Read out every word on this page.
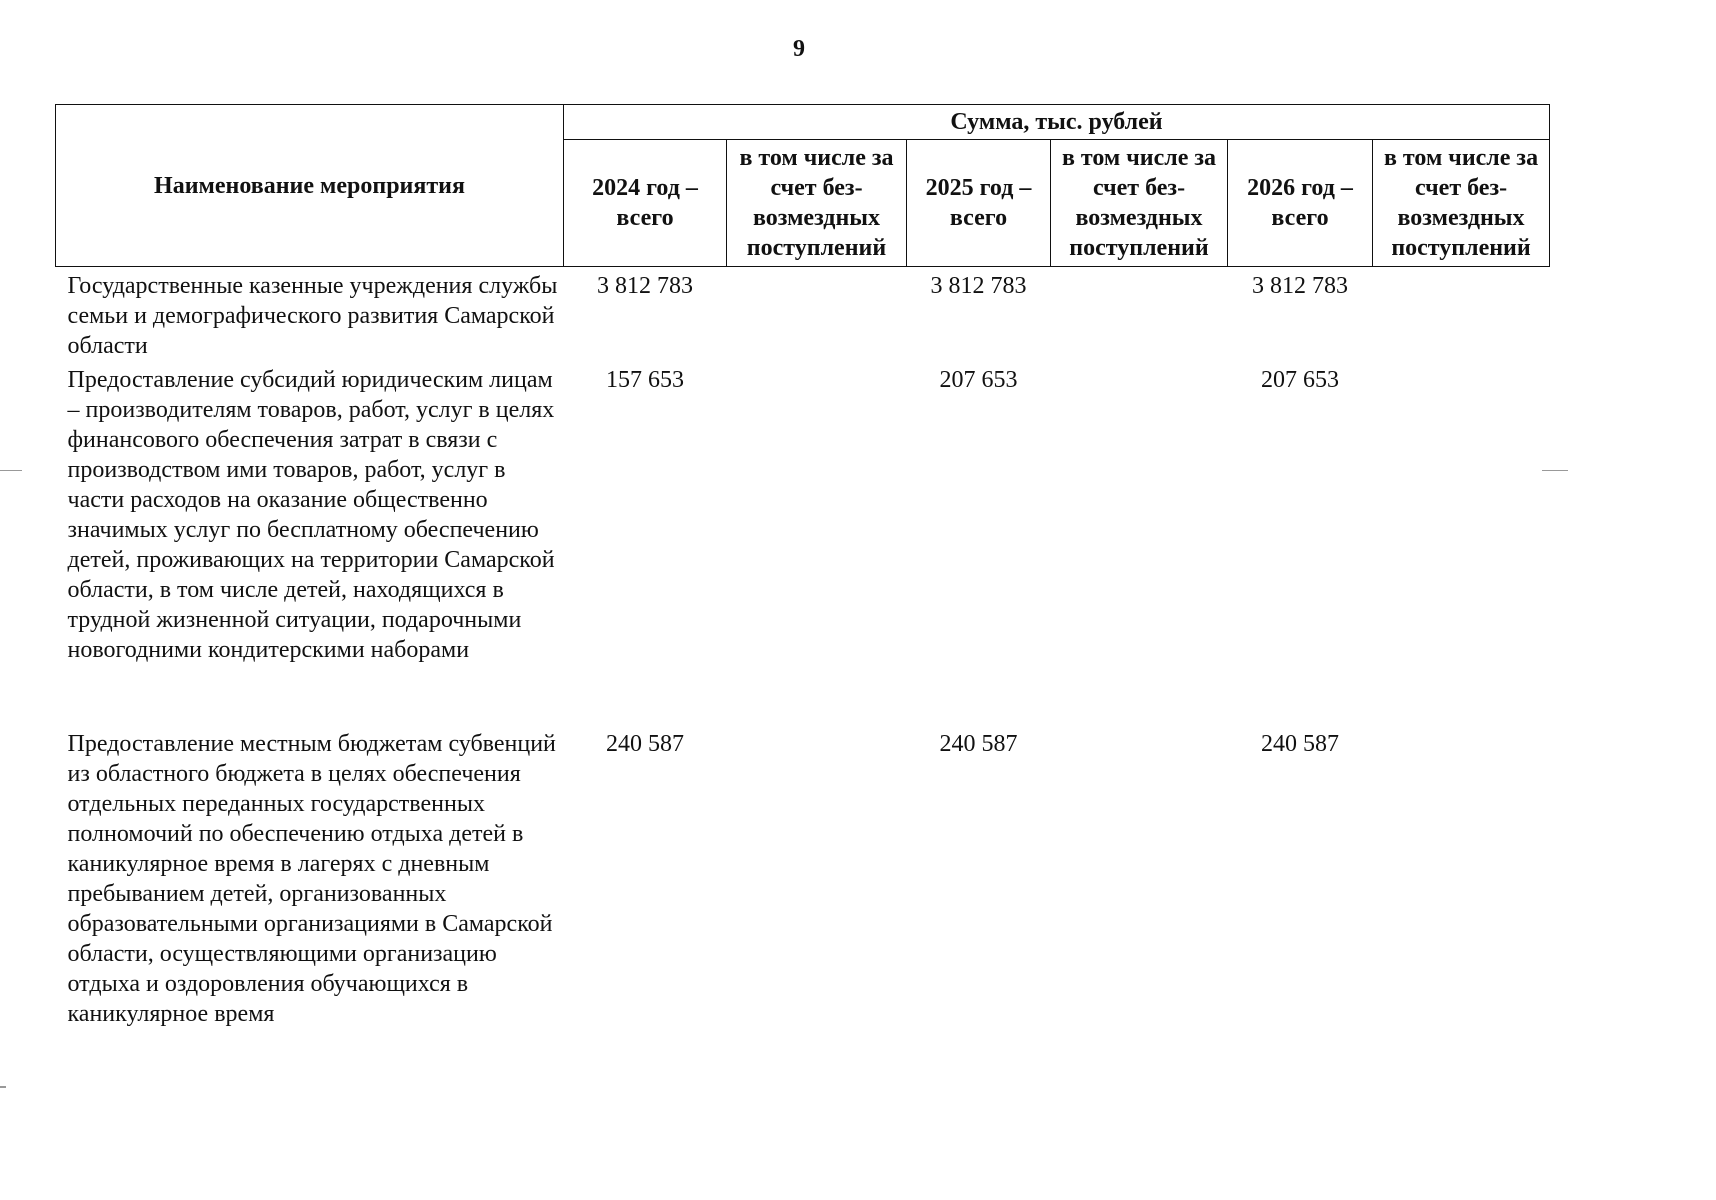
9
Наименование мероприятия	Сумма, тыс. рублей					
	2024 год – всего	в том числе за счет без-возмездных поступлений	2025 год – всего	в том числе за счет без-возмездных поступлений	2026 год – всего	в том числе за счет без-возмездных поступлений
Государственные казенные учреждения службы семьи и демографического развития Самарской области	3 812 783		3 812 783		3 812 783	
Предоставление субсидий юридическим лицам – производителям товаров, работ, услуг в целях финансового обеспечения затрат в связи с производством ими товаров, работ, услуг в части расходов на оказание общественно значимых услуг по бесплатному обеспечению детей, проживающих на территории Самарской области, в том числе детей, находящихся в трудной жизненной ситуации, подарочными новогодними кондитерскими наборами	157 653		207 653		207 653	
Предоставление местным бюджетам субвенций из областного бюджета в целях обеспечения отдельных переданных государственных полномочий по обеспечению отдыха детей в каникулярное время в лагерях с дневным пребыванием детей, организованных образовательными организациями в Самарской области, осуществляющими организацию отдыха и оздоровления обучающихся в каникулярное время	240 587		240 587		240 587	
